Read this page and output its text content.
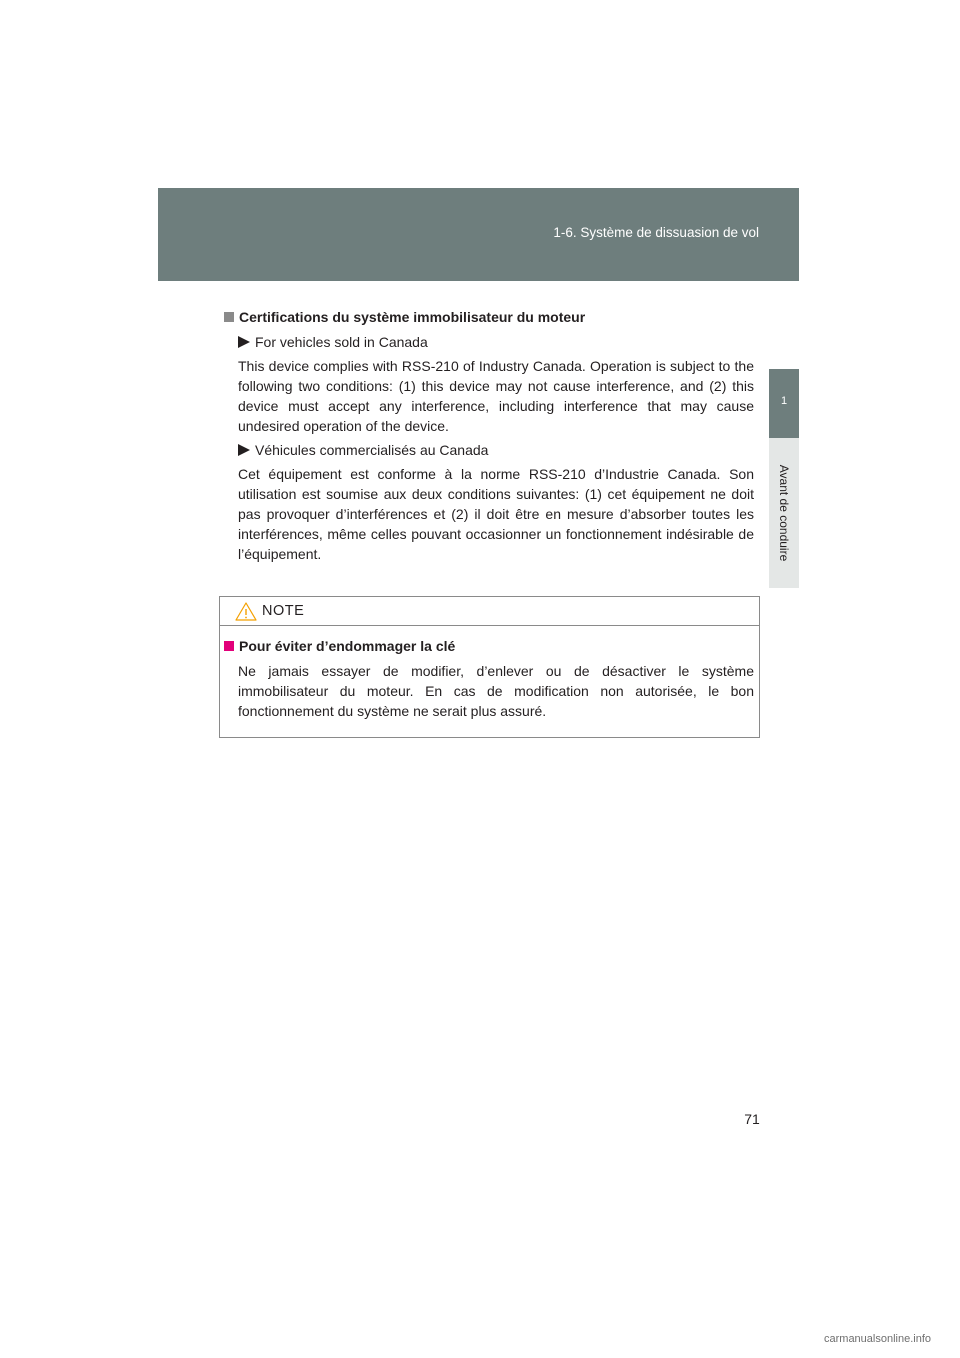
1-6. Système de dissuasion de vol
1
Avant de conduire
Certifications du système immobilisateur du moteur
For vehicles sold in Canada

This device complies with RSS-210 of Industry Canada. Operation is subject to the following two conditions: (1) this device may not cause interference, and (2) this device must accept any interference, including interference that may cause undesired operation of the device.

Véhicules commercialisés au Canada

Cet équipement est conforme à la norme RSS-210 d’Industrie Canada. Son utilisation est soumise aux deux conditions suivantes: (1) cet équipement ne doit pas provoquer d’interférences et (2) il doit être en mesure d’absorber toutes les interférences, même celles pouvant occasionner un fonctionnement indésirable de l’équipement.

NOTE
Pour éviter d’endommager la clé

Ne jamais essayer de modifier, d’enlever ou de désactiver le système immobilisateur du moteur. En cas de modification non autorisée, le bon fonctionnement du système ne serait plus assuré.

71
carmanualsonline.info
